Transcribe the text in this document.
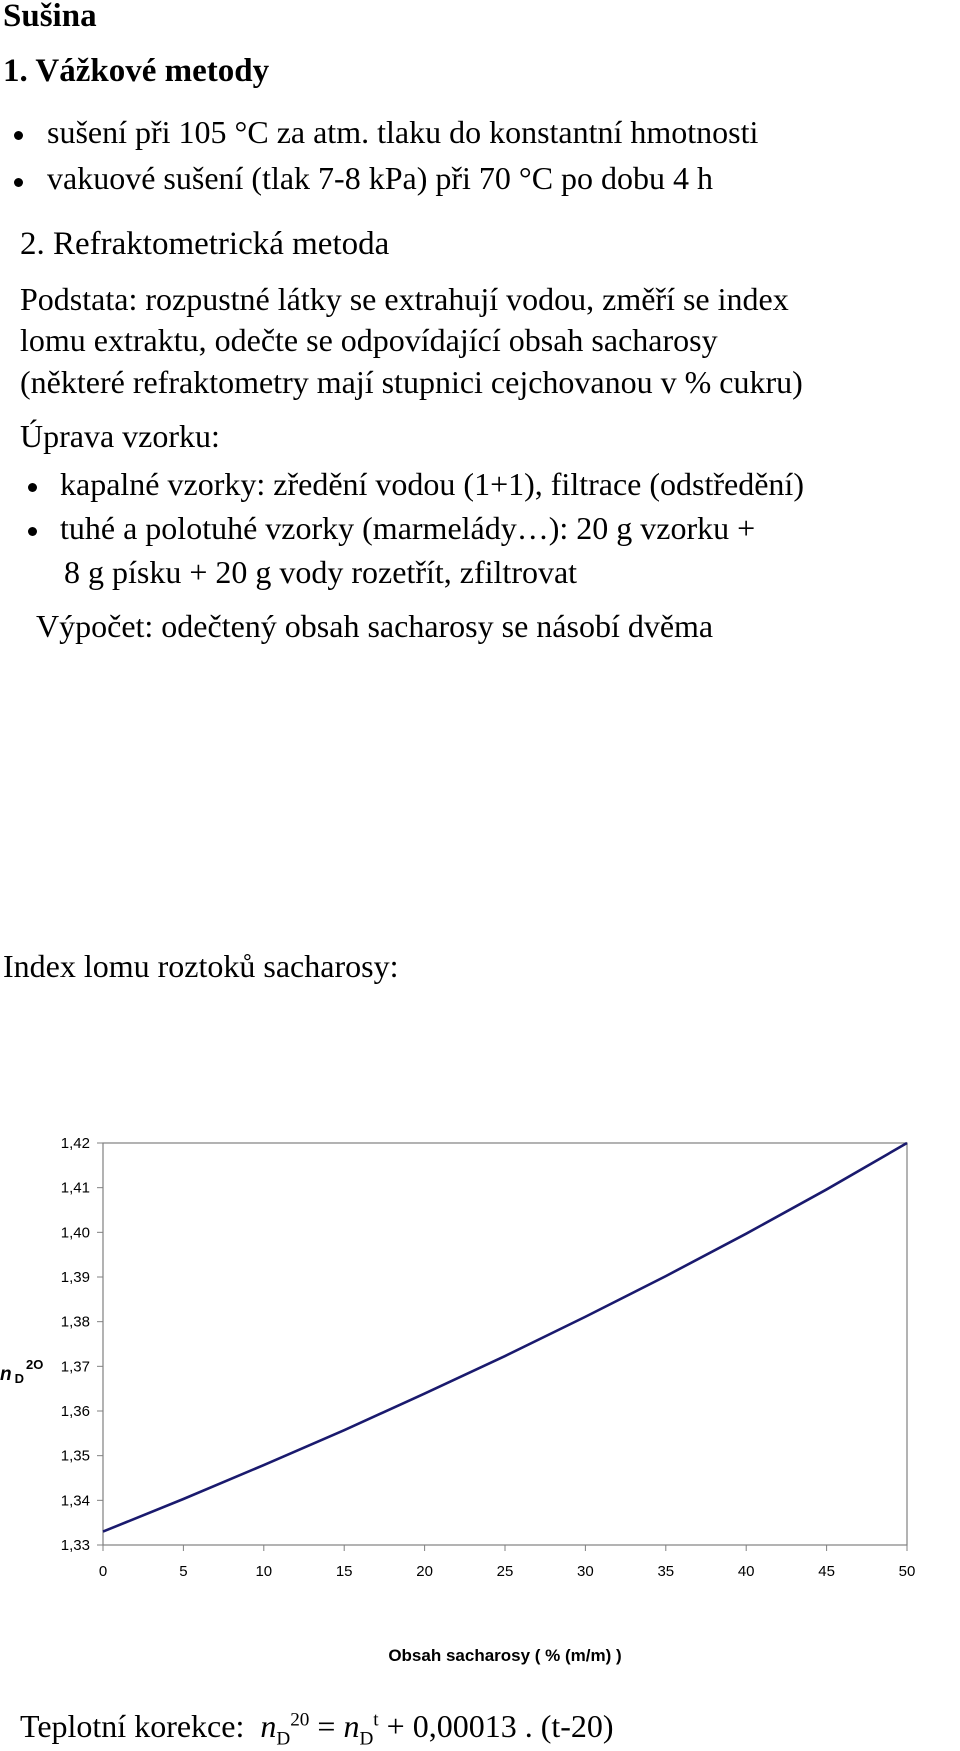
Sušina
1. Vážkové metody
sušení při 105 °C za atm. tlaku do konstantní hmotnosti
vakuové sušení (tlak 7-8 kPa) při 70 °C po dobu 4 h
2. Refraktometrická metoda
Podstata: rozpustné látky se extrahují vodou, změří se index
lomu extraktu, odečte se odpovídající obsah sacharosy
(některé refraktometry mají stupnici cejchovanou v % cukru)
Úprava vzorku:
kapalné vzorky: zředění vodou (1+1), filtrace (odstředění)
tuhé a polotuhé vzorky (marmelády…): 20 g vzorku +
8 g písku + 20 g vody rozetřít, zfiltrovat
Výpočet: odečtený obsah sacharosy se násobí dvěma
Index lomu roztoků sacharosy:
1,42
1,41
1,40
1,39
1,38
1,37
1,36
1,35
1,34
1,33
0	5	10	15	20	25	30	35	40	45	50
Obsah sacharosy ( % (m/m) )
n $D^{2O}$
Teplotní korekce: $n_D^{20} = n_D^t + 0,00013$ . (t-20)
